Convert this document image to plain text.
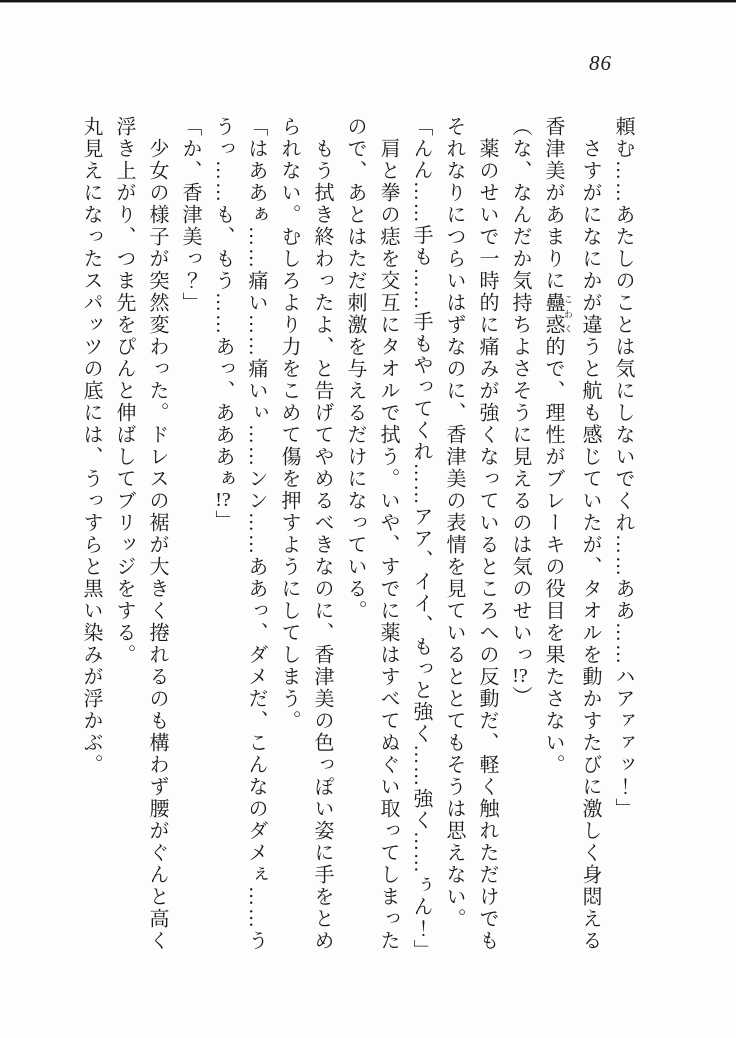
86
頼む……あたしのことは気にしないでくれ……ああ……ハアァァッ！」
さすがになにかが違うと航も感じていたが、タオルを動かすたびに激しく身悶える
香津美があまりに蠱惑 こわく的で、理性がブレーキの役目を果たさない。
（な、なんだか気持ちよさそうに見えるのは気のせいっ!?）
薬のせいで一時的に痛みが強くなっているところへの反動だ、軽く触れただけでも
それなりにつらいはずなのに、香津美の表情を見ているととてもそうは思えない。
「んん……手も……手もやってくれ……アア、イイ、もっと強く……強く……ぅん！」
肩と拳の痣を交互にタオルで拭う。いや、すでに薬はすべてぬぐい取ってしまった
ので、あとはただ刺激を与えるだけになっている。
もう拭き終わったよ、と告げてやめるべきなのに、香津美の色っぽい姿に手をとめ
られない。むしろより力をこめて傷を押すようにしてしまう。
「はああぁ……痛い……痛いぃ……ンン……ああっ、ダメだ、こんなのダメぇ……う
うっ……も、もう……あっ、あああぁ!?」
「か、香津美っ？」
少女の様子が突然変わった。ドレスの裾が大きく捲れるのも構わず腰がぐんと高く
浮き上がり、つま先をぴんと伸ばしてブリッジをする。
丸見えになったスパッツの底には、うっすらと黒い染みが浮かぶ。
